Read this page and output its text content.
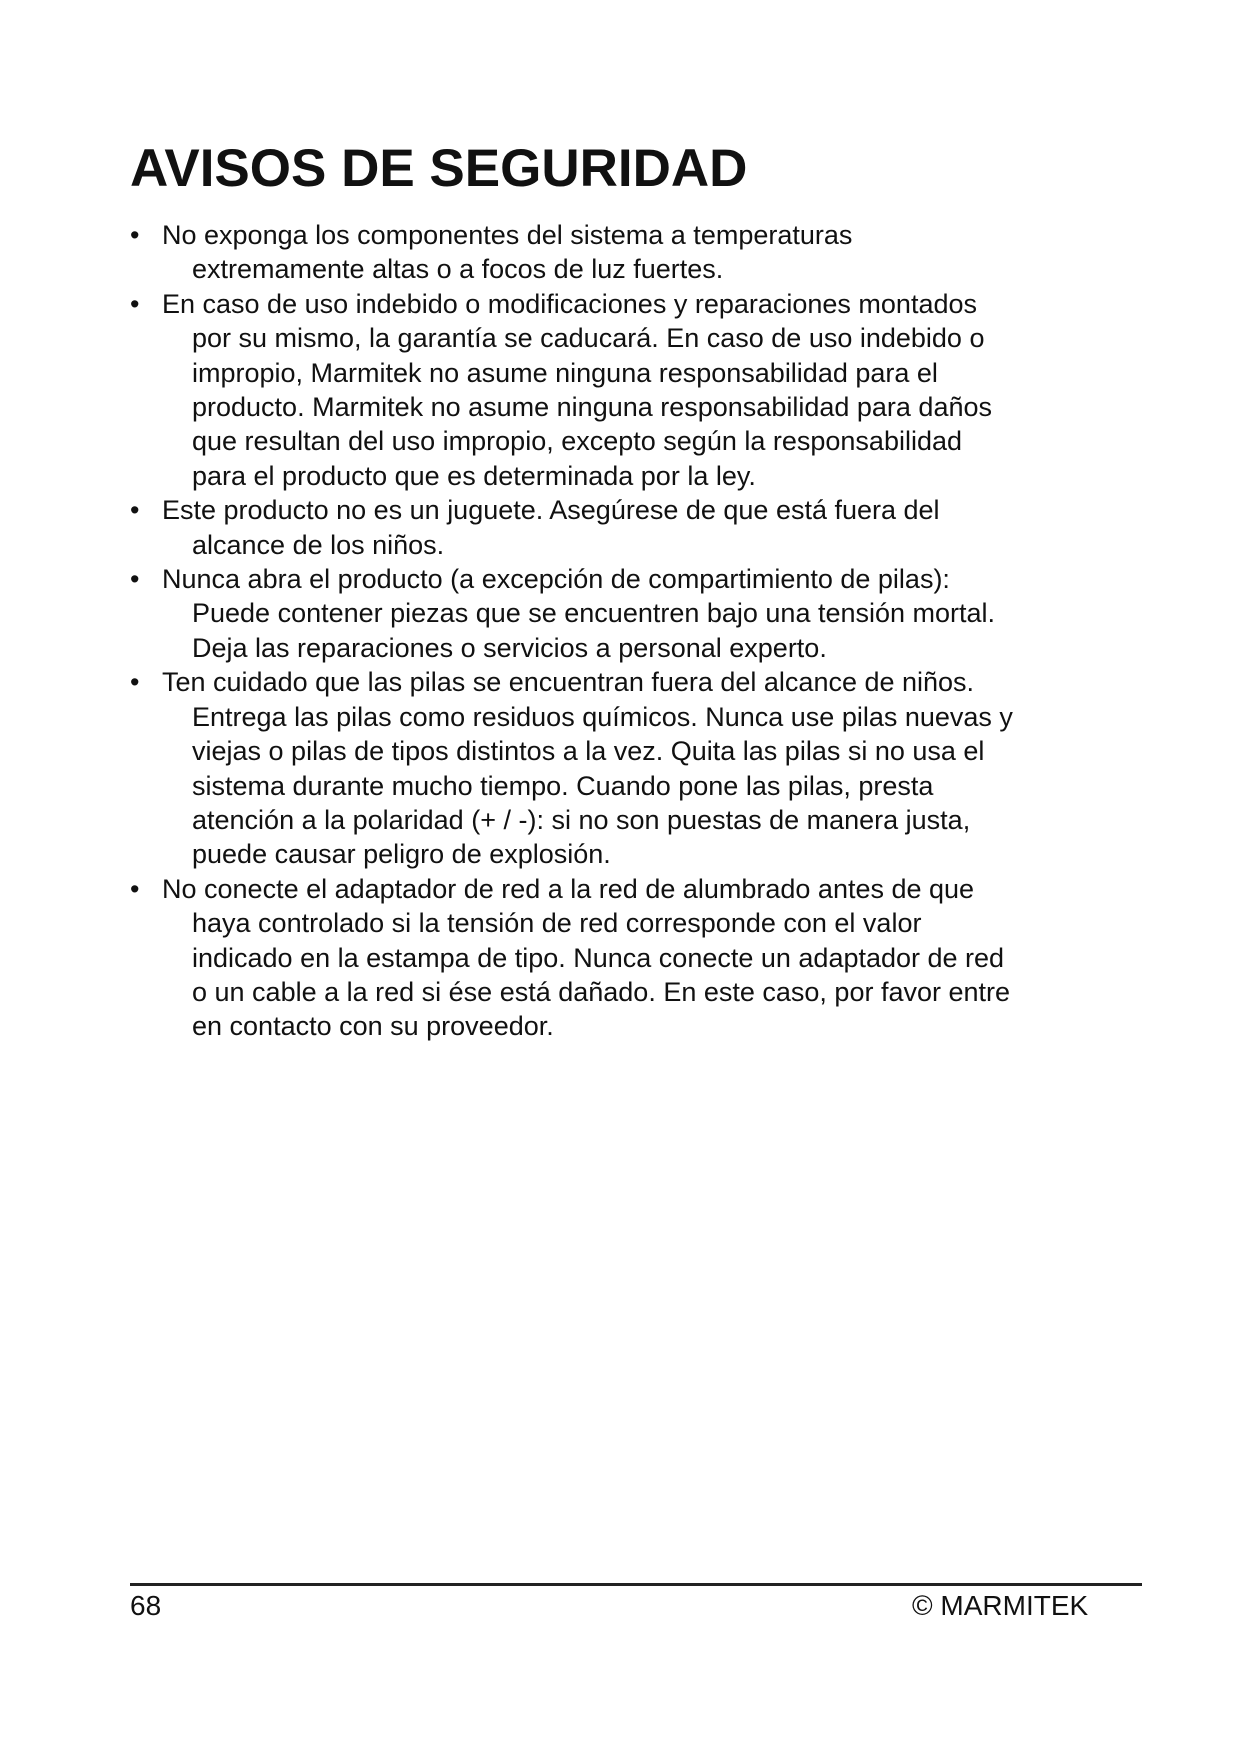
AVISOS DE SEGURIDAD
• No exponga los componentes del sistema a temperaturas
extremamente altas o a focos de luz fuertes.
• En caso de uso indebido o modificaciones y reparaciones montados
por su mismo, la garantía se caducará. En caso de uso indebido o
impropio, Marmitek no asume ninguna responsabilidad para el
producto. Marmitek no asume ninguna responsabilidad para daños
que resultan del uso impropio, excepto según la responsabilidad
para el producto que es determinada por la ley.
• Este producto no es un juguete. Asegúrese de que está fuera del
alcance de los niños.
• Nunca abra el producto (a excepción de compartimiento de pilas):
Puede contener piezas que se encuentren bajo una tensión mortal.
Deja las reparaciones o servicios a personal experto.
• Ten cuidado que las pilas se encuentran fuera del alcance de niños.
Entrega las pilas como residuos químicos. Nunca use pilas nuevas y
viejas o pilas de tipos distintos a la vez. Quita las pilas si no usa el
sistema durante mucho tiempo. Cuando pone las pilas, presta
atención a la polaridad (+ / -): si no son puestas de manera justa,
puede causar peligro de explosión.
• No conecte el adaptador de red a la red de alumbrado antes de que
haya controlado si la tensión de red corresponde con el valor
indicado en la estampa de tipo. Nunca conecte un adaptador de red
o un cable a la red si ése está dañado. En este caso, por favor entre
en contacto con su proveedor.
68	© MARMITEK
